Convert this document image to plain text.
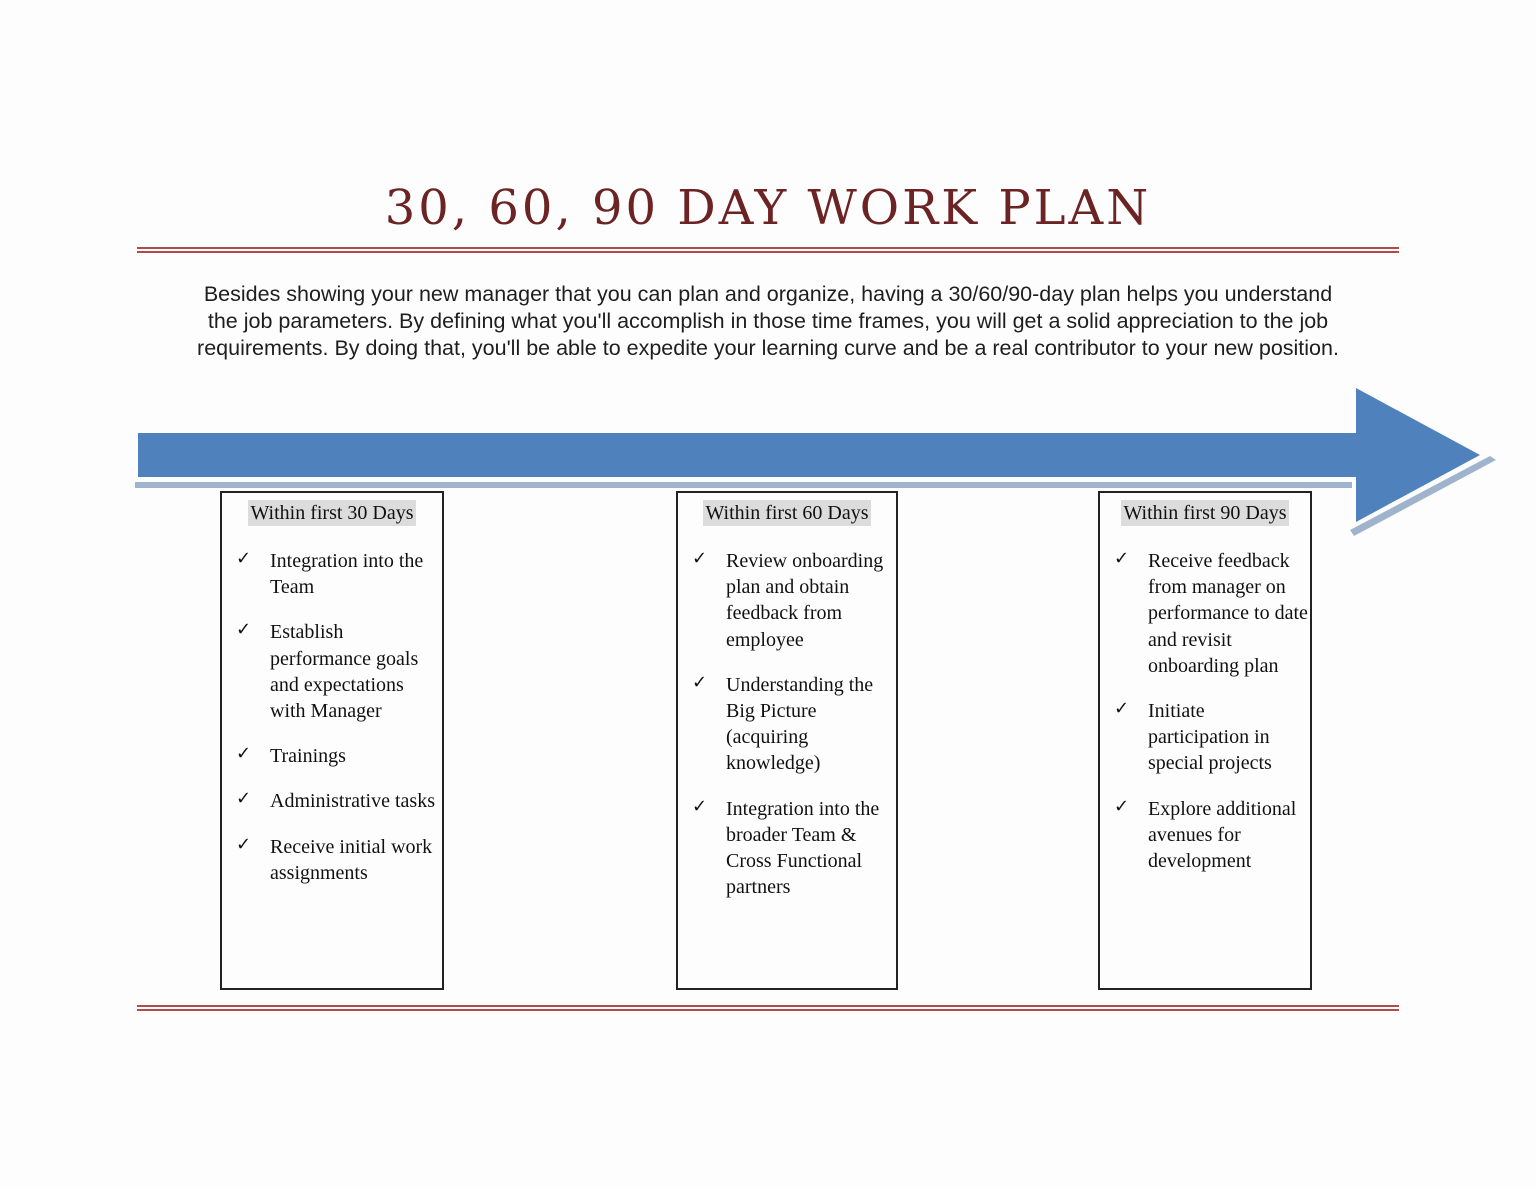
30, 60, 90 DAY WORK PLAN

Besides showing your new manager that you can plan and organize, having a 30/60/90-day plan helps you understand
the job parameters. By defining what you'll accomplish in those time frames, you will get a solid appreciation to the job
requirements. By doing that, you'll be able to expedite your learning curve and be a real contributor to your new position.

Within first 30 Days
✓ Integration into the Team
✓ Establish performance goals and expectations with Manager
✓ Trainings
✓ Administrative tasks
✓ Receive initial work assignments
Within first 60 Days
✓ Review onboarding plan and obtain feedback from employee
✓ Understanding the Big Picture (acquiring knowledge)
✓ Integration into the broader Team & Cross Functional partners
Within first 90 Days
✓ Receive feedback from manager on performance to date and revisit onboarding plan
✓ Initiate participation in special projects
✓ Explore additional avenues for development
